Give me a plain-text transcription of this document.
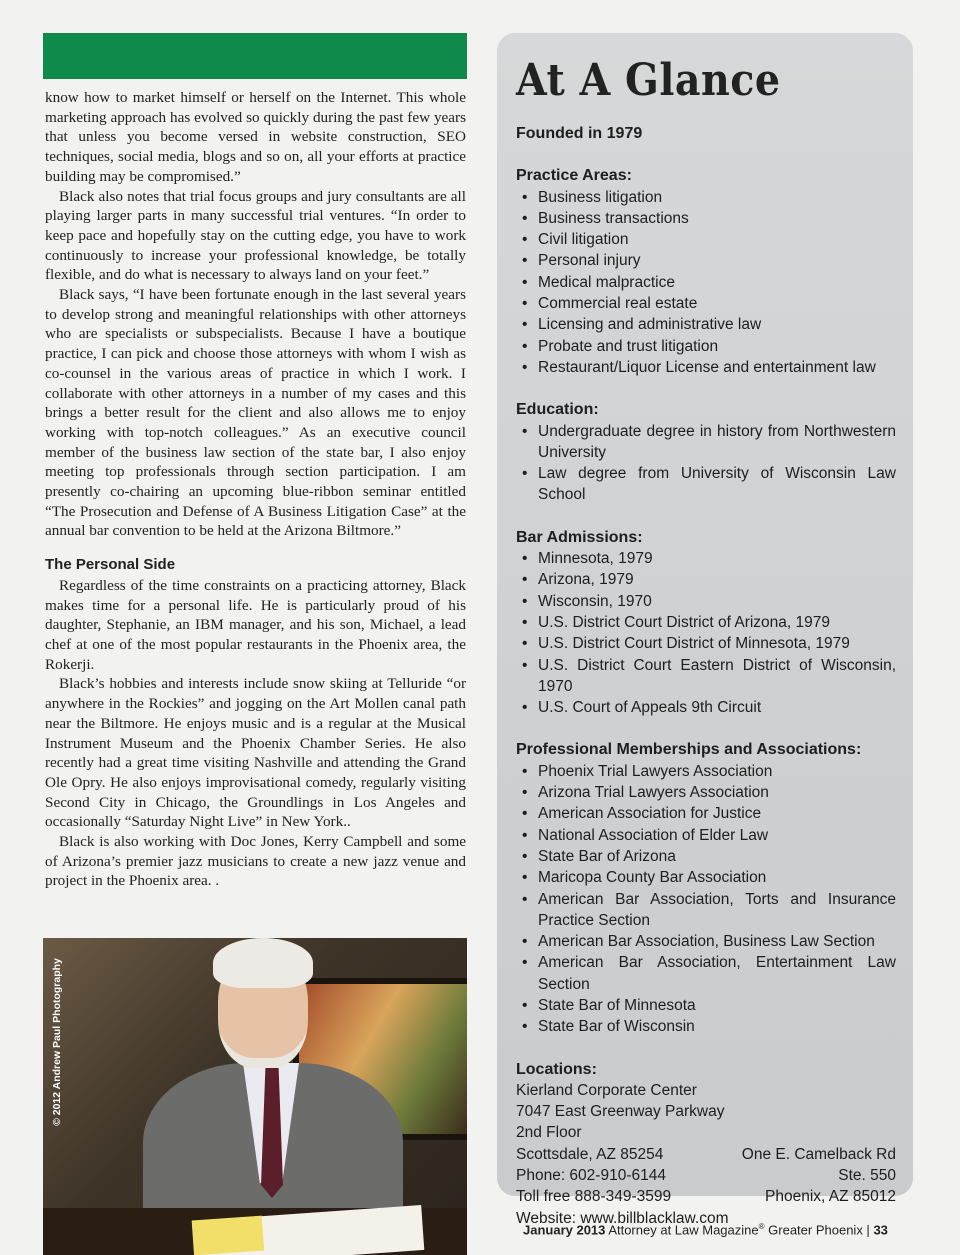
know how to market himself or herself on the Internet. This whole marketing approach has evolved so quickly during the past few years that unless you become versed in website construction, SEO techniques, social media, blogs and so on, all your efforts at practice building may be compromised.”

Black also notes that trial focus groups and jury consultants are all playing larger parts in many successful trial ventures. “In order to keep pace and hopefully stay on the cutting edge, you have to work continuously to increase your professional knowledge, be totally flexible, and do what is necessary to always land on your feet.”

Black says, “I have been fortunate enough in the last several years to develop strong and meaningful relationships with other attorneys who are specialists or subspecialists. Because I have a boutique practice, I can pick and choose those attorneys with whom I wish as co-counsel in the various areas of practice in which I work. I collaborate with other attorneys in a number of my cases and this brings a better result for the client and also allows me to enjoy working with top-notch colleagues.” As an executive council member of the business law section of the state bar, I also enjoy meeting top professionals through section participation. I am presently co-chairing an upcoming blue-ribbon seminar entitled “The Prosecution and Defense of A Business Litigation Case” at the annual bar convention to be held at the Arizona Biltmore.”

The Personal Side

Regardless of the time constraints on a practicing attorney, Black makes time for a personal life. He is particularly proud of his daughter, Stephanie, an IBM manager, and his son, Michael, a lead chef at one of the most popular restaurants in the Phoenix area, the Rokerji.

Black’s hobbies and interests include snow skiing at Telluride “or anywhere in the Rockies” and jogging on the Art Mollen canal path near the Biltmore. He enjoys music and is a regular at the Musical Instrument Museum and the Phoenix Chamber Series. He also recently had a great time visiting Nashville and attending the Grand Ole Opry. He also enjoys improvisational comedy, regularly visiting Second City in Chicago, the Groundlings in Los Angeles and occasionally “Saturday Night Live” in New York..

Black is also working with Doc Jones, Kerry Campbell and some of Arizona’s premier jazz musicians to create a new jazz venue and project in the Phoenix area. .

© 2012 Andrew Paul Photography
At A Glance
Founded in 1979
Practice Areas:
• Business litigation
• Business transactions
• Civil litigation
• Personal injury
• Medical malpractice
• Commercial real estate
• Licensing and administrative law
• Probate and trust litigation
• Restaurant/Liquor License and entertainment law
Education:
• Undergraduate degree in history from Northwestern University
• Law degree from University of Wisconsin Law School
Bar Admissions:
• Minnesota, 1979
• Arizona, 1979
• Wisconsin, 1970
• U.S. District Court District of Arizona, 1979
• U.S. District Court District of Minnesota, 1979
• U.S. District Court Eastern District of Wisconsin, 1970
• U.S. Court of Appeals 9th Circuit
Professional Memberships and Associations:
• Phoenix Trial Lawyers Association
• Arizona Trial Lawyers Association
• American Association for Justice
• National Association of Elder Law
• State Bar of Arizona
• Maricopa County Bar Association
• American Bar Association, Torts and Insurance Practice Section
• American Bar Association, Business Law Section
• American Bar Association, Entertainment Law Section
• State Bar of Minnesota
• State Bar of Wisconsin
Locations:
Kierland Corporate Center
7047 East Greenway Parkway
2nd Floor
Scottsdale, AZ 85254
Phone: 602-910-6144
Toll free 888-349-3599
Website: www.billblacklaw.com
One E. Camelback Rd
Ste. 550
Phoenix, AZ 85012
January 2013 Attorney at Law Magazine® Greater Phoenix | 33
